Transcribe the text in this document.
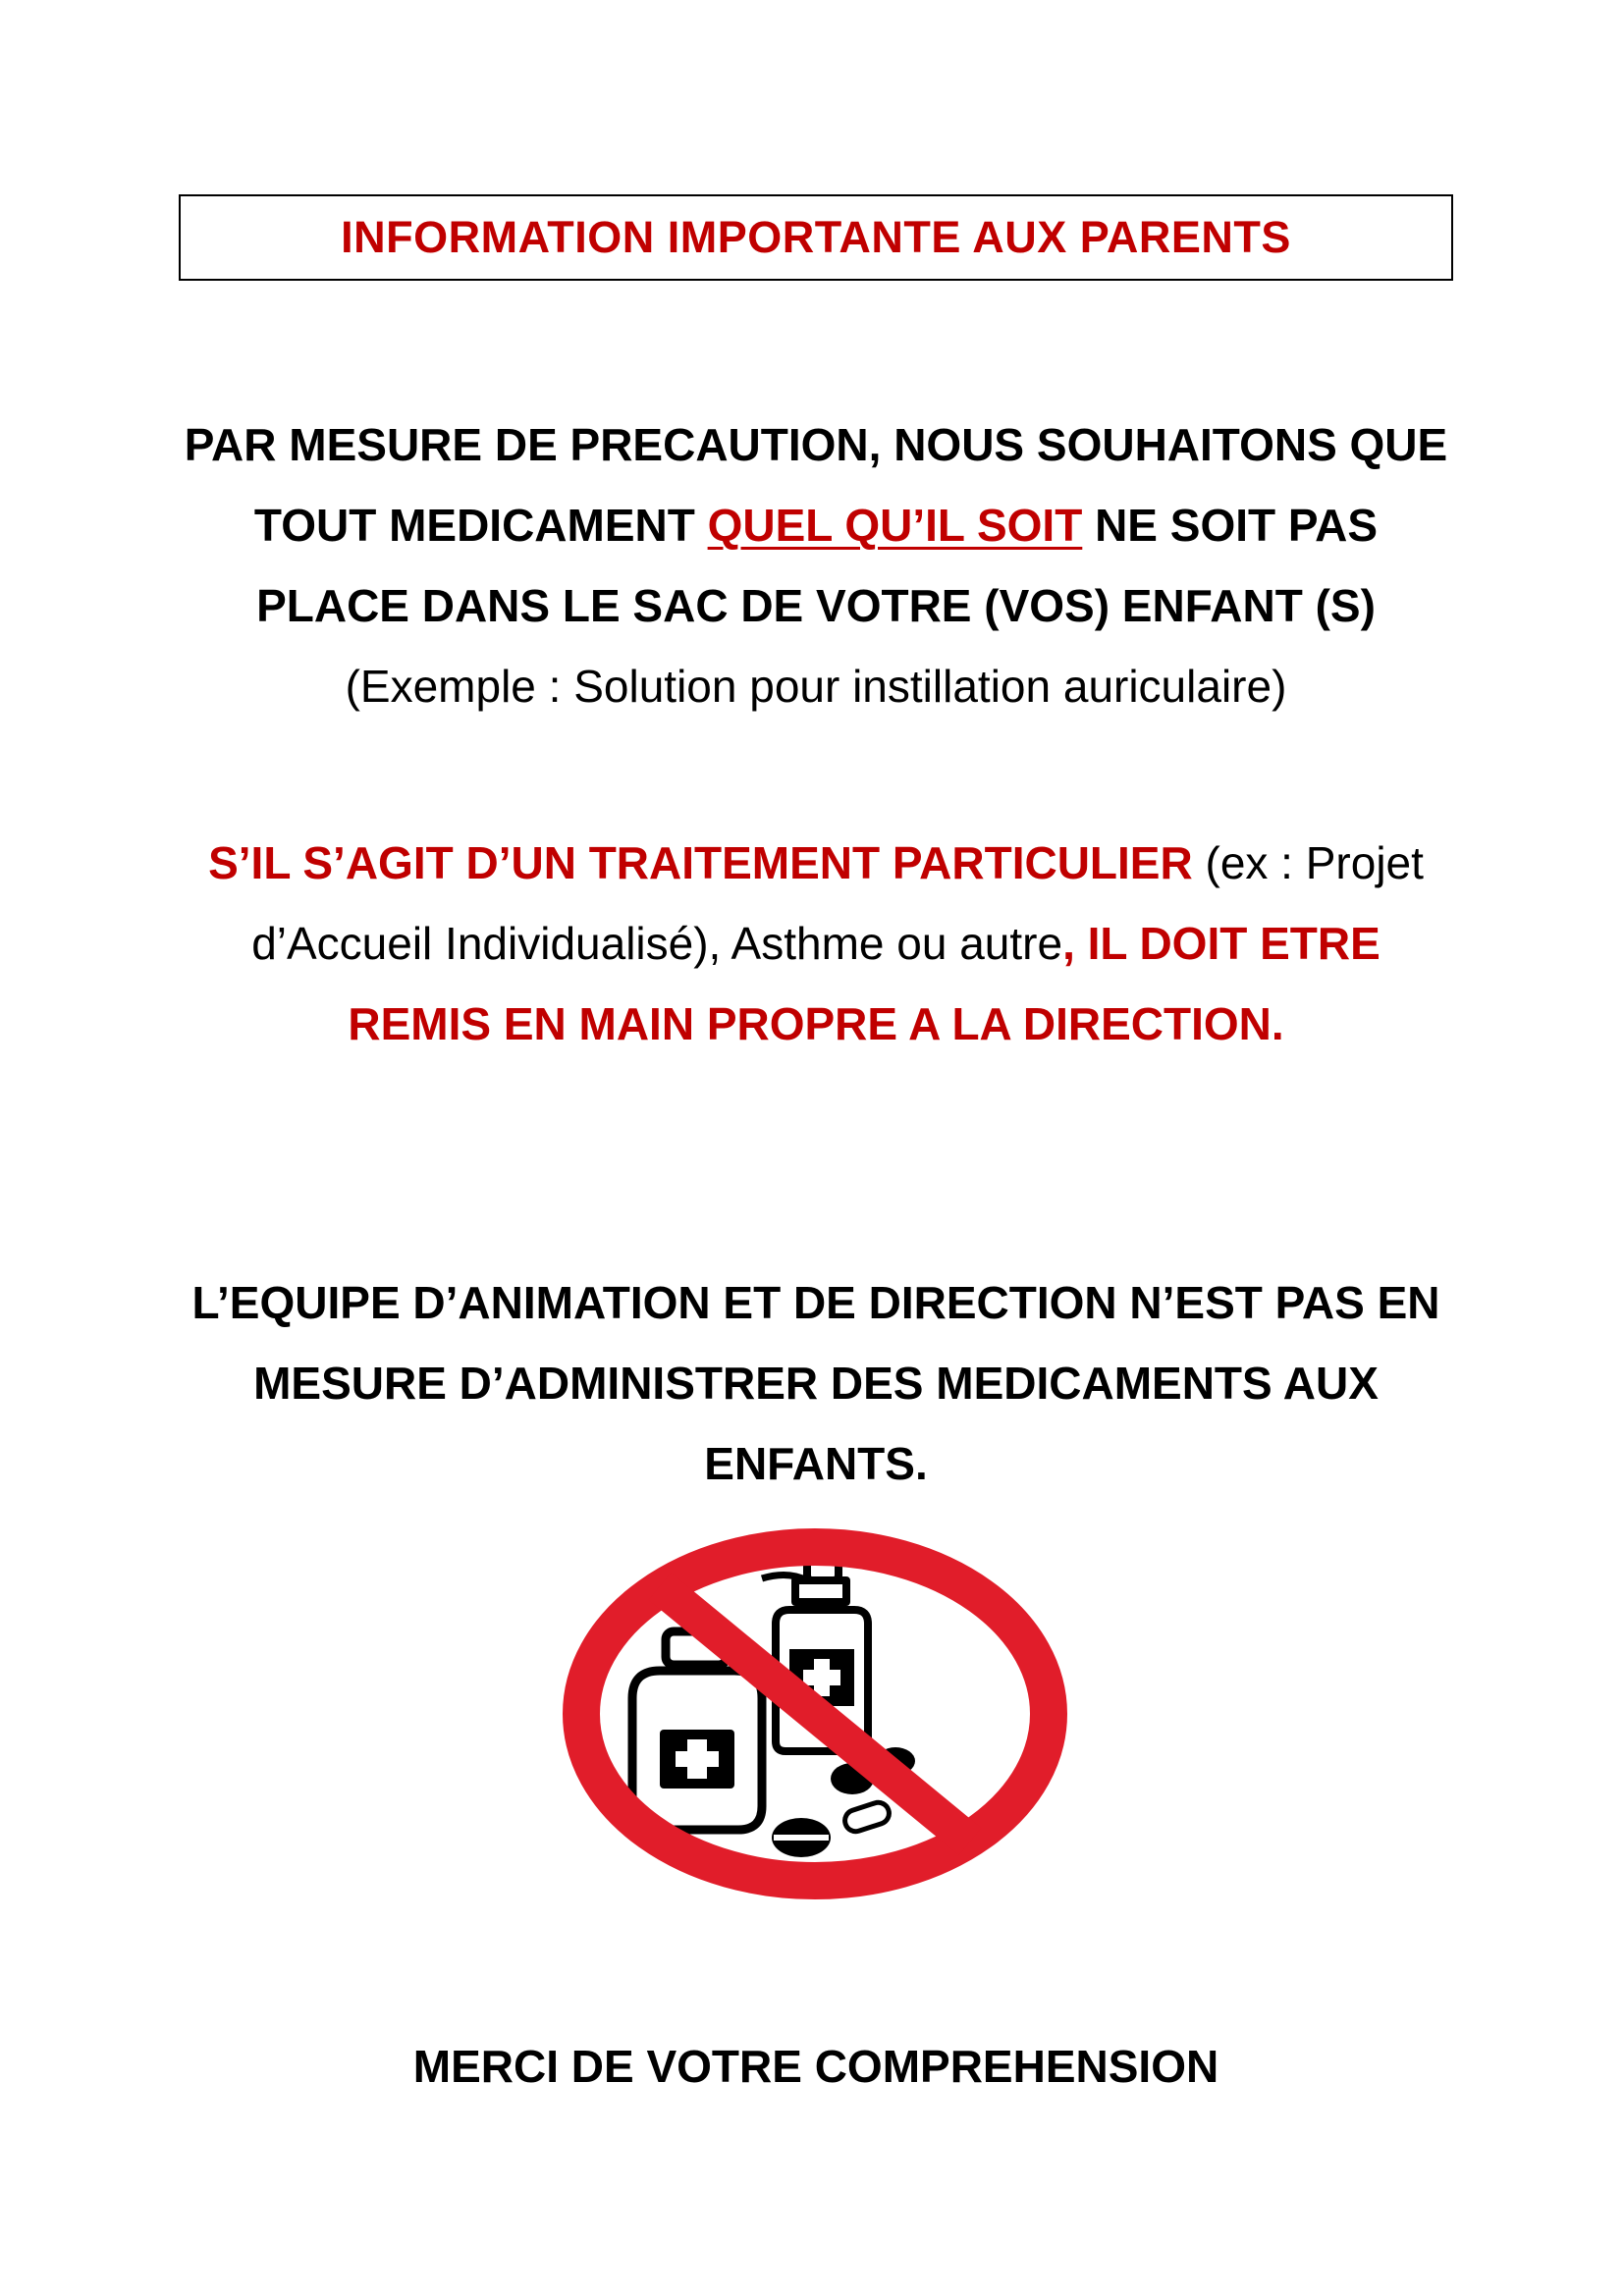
INFORMATION IMPORTANTE AUX PARENTS
PAR MESURE DE PRECAUTION, NOUS SOUHAITONS QUE TOUT MEDICAMENT QUEL QU’IL SOIT NE SOIT PAS PLACE DANS LE SAC DE VOTRE (VOS) ENFANT (S) (Exemple : Solution pour instillation auriculaire)
S’IL S’AGIT D’UN TRAITEMENT PARTICULIER (ex : Projet d’Accueil Individualisé), Asthme ou autre, IL DOIT ETRE REMIS EN MAIN PROPRE A LA DIRECTION.
L’EQUIPE D’ANIMATION ET DE DIRECTION N’EST PAS EN MESURE D’ADMINISTRER DES MEDICAMENTS AUX ENFANTS.
MERCI DE VOTRE COMPREHENSION
